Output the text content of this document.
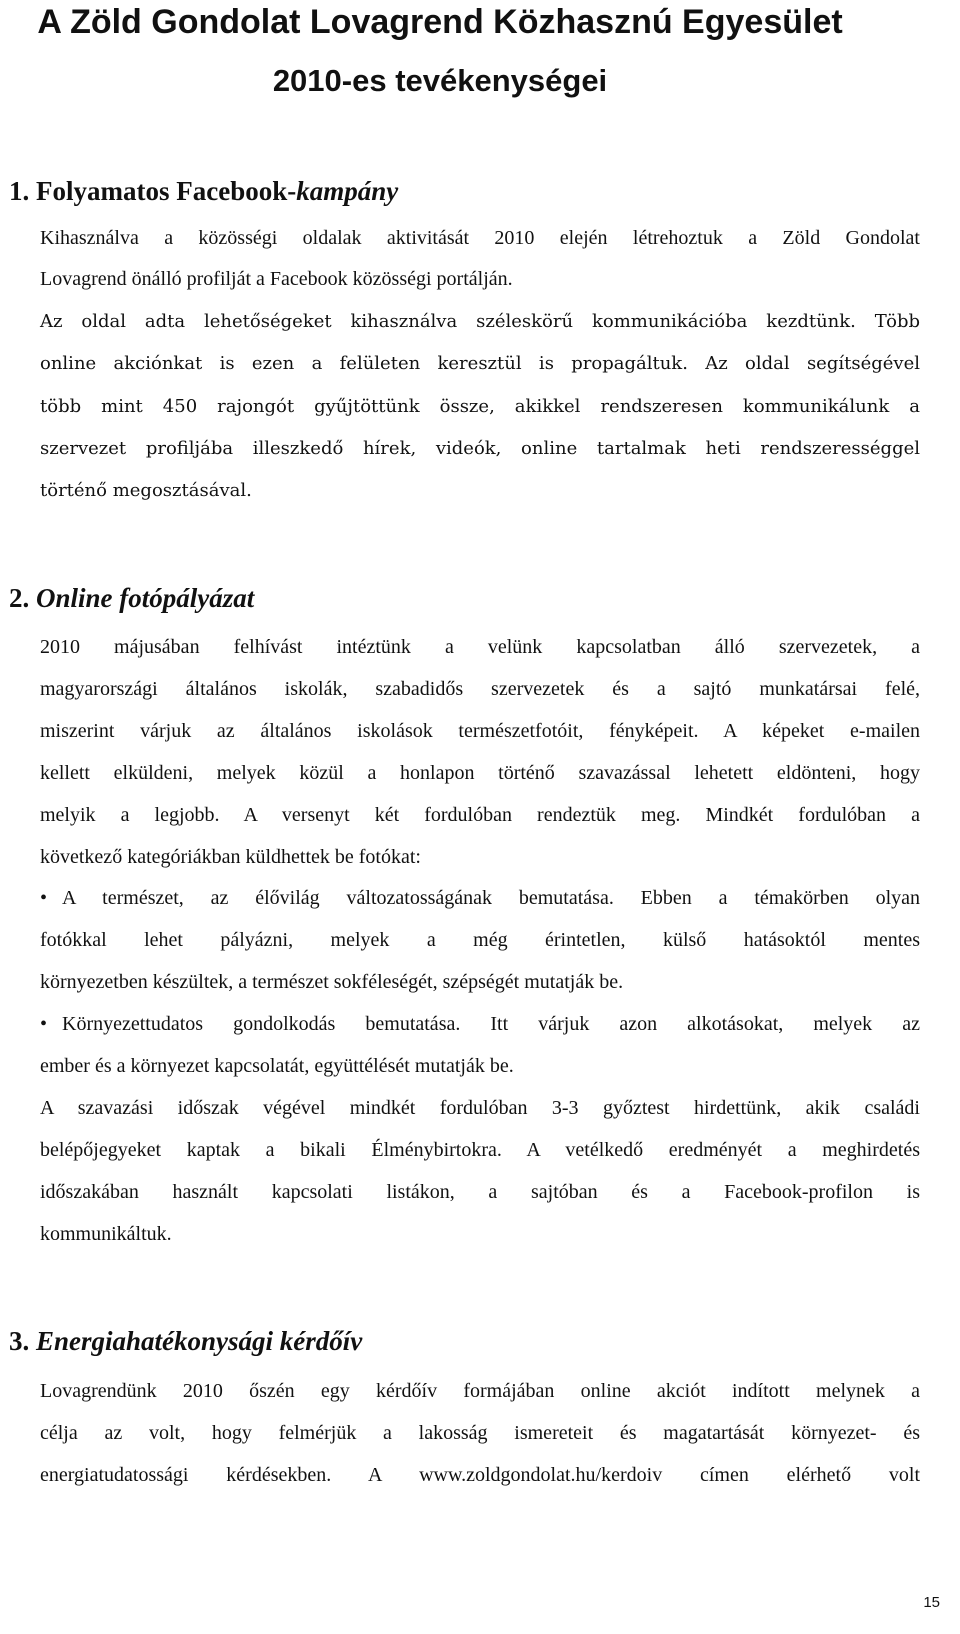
A Zöld Gondolat Lovagrend Közhasznú Egyesület
2010-es tevékenységei
1. Folyamatos Facebook-kampány

Kihasználva a közösségi oldalak aktivitását 2010 elején létrehoztuk a Zöld Gondolat

Lovagrend önálló profilját a Facebook közösségi portálján.

Az oldal adta lehetőségeket kihasználva széleskörű kommunikációba kezdtünk. Több

online akciónkat is ezen a felületen keresztül is propagáltuk. Az oldal segítségével

több mint 450 rajongót gyűjtöttünk össze, akikkel rendszeresen kommunikálunk a

szervezet profiljába illeszkedő hírek, videók, online tartalmak heti rendszerességgel

történő megosztásával.

2. Online fotópályázat

2010 májusában felhívást intéztünk a velünk kapcsolatban álló szervezetek, a

magyarországi általános iskolák, szabadidős szervezetek és a sajtó munkatársai felé,

miszerint várjuk az általános iskolások természetfotóit, fényképeit. A képeket e-mailen

kellett elküldeni, melyek közül a honlapon történő szavazással lehetett eldönteni, hogy

melyik a legjobb. A versenyt két fordulóban rendeztük meg. Mindkét fordulóban a

következő kategóriákban küldhettek be fotókat:

• A természet, az élővilág változatosságának bemutatása. Ebben a témakörben olyan

fotókkal lehet pályázni, melyek a még érintetlen, külső hatásoktól mentes

környezetben készültek, a természet sokféleségét, szépségét mutatják be.

• Környezettudatos gondolkodás bemutatása. Itt várjuk azon alkotásokat, melyek az

ember és a környezet kapcsolatát, együttélését mutatják be.

A szavazási időszak végével mindkét fordulóban 3-3 győztest hirdettünk, akik családi

belépőjegyeket kaptak a bikali Élménybirtokra. A vetélkedő eredményét a meghirdetés

időszakában használt kapcsolati listákon, a sajtóban és a Facebook-profilon is

kommunikáltuk.

3. Energiahatékonysági kérdőív

Lovagrendünk 2010 őszén egy kérdőív formájában online akciót indított melynek a

célja az volt, hogy felmérjük a lakosság ismereteit és magatartását környezet- és

energiatudatossági kérdésekben. A www.zoldgondolat.hu/kerdoiv címen elérhető volt

15
